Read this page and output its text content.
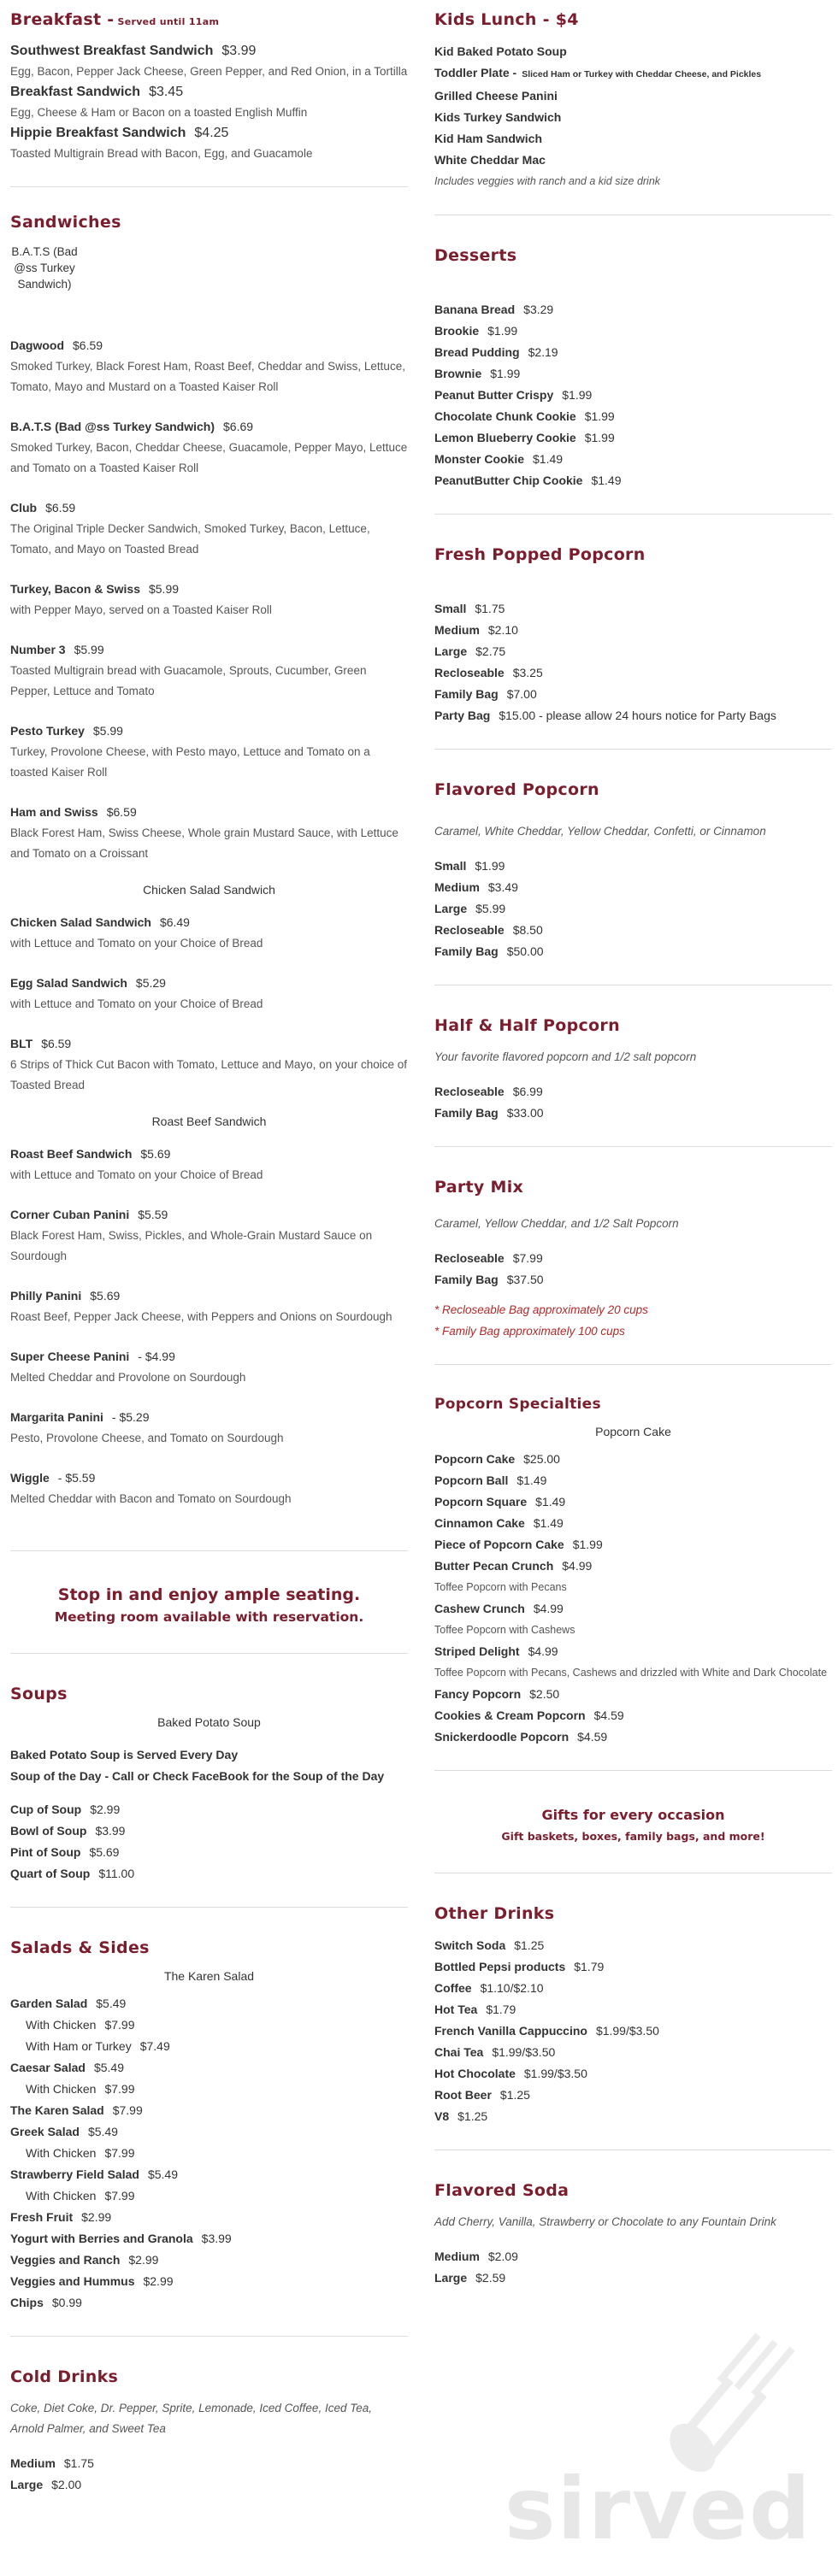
Breakfast - Served until 11am
Southwest Breakfast Sandwich $3.99
Egg, Bacon, Pepper Jack Cheese, Green Pepper, and Red Onion, in a Tortilla
Breakfast Sandwich $3.45
Egg, Cheese & Ham or Bacon on a toasted English Muffin
Hippie Breakfast Sandwich $4.25
Toasted Multigrain Bread with Bacon, Egg, and Guacamole
Sandwiches
B.A.T.S (Bad @ss Turkey Sandwich)
Dagwood $6.59
Smoked Turkey, Black Forest Ham, Roast Beef, Cheddar and Swiss, Lettuce, Tomato, Mayo and Mustard on a Toasted Kaiser Roll
B.A.T.S (Bad @ss Turkey Sandwich) $6.69
Smoked Turkey, Bacon, Cheddar Cheese, Guacamole, Pepper Mayo, Lettuce and Tomato on a Toasted Kaiser Roll
Club $6.59
The Original Triple Decker Sandwich, Smoked Turkey, Bacon, Lettuce, Tomato, and Mayo on Toasted Bread
Turkey, Bacon & Swiss $5.99
with Pepper Mayo, served on a Toasted Kaiser Roll
Number 3 $5.99
Toasted Multigrain bread with Guacamole, Sprouts, Cucumber, Green Pepper, Lettuce and Tomato
Pesto Turkey $5.99
Turkey, Provolone Cheese, with Pesto mayo, Lettuce and Tomato on a toasted Kaiser Roll
Ham and Swiss $6.59
Black Forest Ham, Swiss Cheese, Whole grain Mustard Sauce, with Lettuce and Tomato on a Croissant
Chicken Salad Sandwich
Chicken Salad Sandwich $6.49
with Lettuce and Tomato on your Choice of Bread
Egg Salad Sandwich $5.29
with Lettuce and Tomato on your Choice of Bread
BLT $6.59
6 Strips of Thick Cut Bacon with Tomato, Lettuce and Mayo, on your choice of Toasted Bread
Roast Beef Sandwich
Roast Beef Sandwich $5.69
with Lettuce and Tomato on your Choice of Bread
Corner Cuban Panini $5.59
Black Forest Ham, Swiss, Pickles, and Whole-Grain Mustard Sauce on Sourdough
Philly Panini $5.69
Roast Beef, Pepper Jack Cheese, with Peppers and Onions on Sourdough
Super Cheese Panini - $4.99
Melted Cheddar and Provolone on Sourdough
Margarita Panini - $5.29
Pesto, Provolone Cheese, and Tomato on Sourdough
Wiggle - $5.59
Melted Cheddar with Bacon and Tomato on Sourdough
Stop in and enjoy ample seating.
Meeting room available with reservation.
Soups
Baked Potato Soup
Baked Potato Soup is Served Every Day
Soup of the Day - Call or Check FaceBook for the Soup of the Day
Cup of Soup $2.99
Bowl of Soup $3.99
Pint of Soup $5.69
Quart of Soup $11.00
Salads & Sides
The Karen Salad
Garden Salad $5.49
With Chicken $7.99
With Ham or Turkey $7.49
Caesar Salad $5.49
With Chicken $7.99
The Karen Salad $7.99
Greek Salad $5.49
With Chicken $7.99
Strawberry Field Salad $5.49
With Chicken $7.99
Fresh Fruit $2.99
Yogurt with Berries and Granola $3.99
Veggies and Ranch $2.99
Veggies and Hummus $2.99
Chips $0.99
Cold Drinks
Coke, Diet Coke, Dr. Pepper, Sprite, Lemonade, Iced Coffee, Iced Tea, Arnold Palmer, and Sweet Tea
Medium $1.75
Large $2.00
Kids Lunch - $4
Kid Baked Potato Soup
Toddler Plate - Sliced Ham or Turkey with Cheddar Cheese, and Pickles
Grilled Cheese Panini
Kids Turkey Sandwich
Kid Ham Sandwich
White Cheddar Mac
Includes veggies with ranch and a kid size drink
Desserts
Banana Bread $3.29
Brookie $1.99
Bread Pudding $2.19
Brownie $1.99
Peanut Butter Crispy $1.99
Chocolate Chunk Cookie $1.99
Lemon Blueberry Cookie $1.99
Monster Cookie $1.49
PeanutButter Chip Cookie $1.49
Fresh Popped Popcorn
Small $1.75
Medium $2.10
Large $2.75
Recloseable $3.25
Family Bag $7.00
Party Bag $15.00 - please allow 24 hours notice for Party Bags
Flavored Popcorn
Caramel, White Cheddar, Yellow Cheddar, Confetti, or Cinnamon
Small $1.99
Medium $3.49
Large $5.99
Recloseable $8.50
Family Bag $50.00
Half & Half Popcorn
Your favorite flavored popcorn and 1/2 salt popcorn
Recloseable $6.99
Family Bag $33.00
Party Mix
Caramel, Yellow Cheddar, and 1/2 Salt Popcorn
Recloseable $7.99
Family Bag $37.50
* Recloseable Bag approximately 20 cups
* Family Bag approximately 100 cups
Popcorn Specialties
Popcorn Cake
Popcorn Cake $25.00
Popcorn Ball $1.49
Popcorn Square $1.49
Cinnamon Cake $1.49
Piece of Popcorn Cake $1.99
Butter Pecan Crunch $4.99
Toffee Popcorn with Pecans
Cashew Crunch $4.99
Toffee Popcorn with Cashews
Striped Delight $4.99
Toffee Popcorn with Pecans, Cashews and drizzled with White and Dark Chocolate
Fancy Popcorn $2.50
Cookies & Cream Popcorn $4.59
Snickerdoodle Popcorn $4.59
Gifts for every occasion
Gift baskets, boxes, family bags, and more!
Other Drinks
Switch Soda $1.25
Bottled Pepsi products $1.79
Coffee $1.10/$2.10
Hot Tea $1.79
French Vanilla Cappuccino $1.99/$3.50
Chai Tea $1.99/$3.50
Hot Chocolate $1.99/$3.50
Root Beer $1.25
V8 $1.25
Flavored Soda
Add Cherry, Vanilla, Strawberry or Chocolate to any Fountain Drink
Medium $2.09
Large $2.59
sirved
